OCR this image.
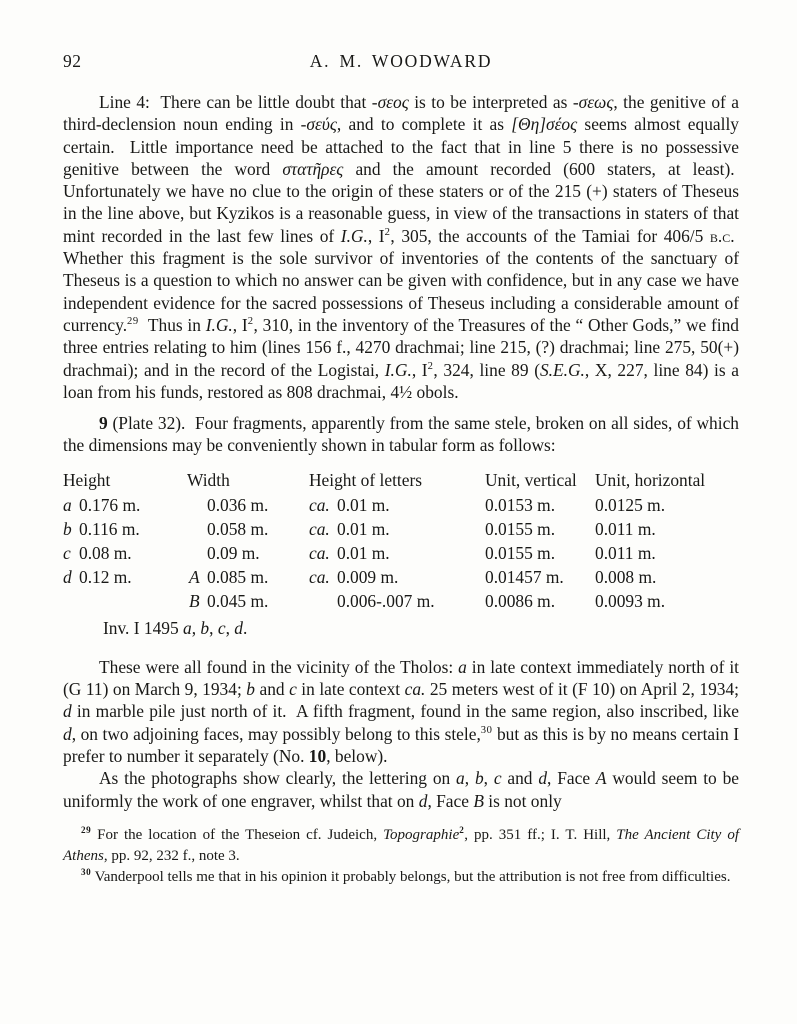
92	A. M. WOODWARD

Line 4:  There can be little doubt that -σεος is to be interpreted as -σεως, the genitive of a third-declension noun ending in -σεύς, and to complete it as [Θη]σέος seems almost equally certain.  Little importance need be attached to the fact that in line 5 there is no possessive genitive between the word στατῆρες and the amount recorded (600 staters, at least).  Unfortunately we have no clue to the origin of these staters or of the 215 (+) staters of Theseus in the line above, but Kyzikos is a reasonable guess, in view of the transactions in staters of that mint recorded in the last few lines of I.G., $I^2$, 305, the accounts of the Tamiai for 406/5 b.c.  Whether this fragment is the sole survivor of inventories of the contents of the sanctuary of Theseus is a question to which no answer can be given with confidence, but in any case we have independent evidence for the sacred possessions of Theseus including a considerable amount of currency.$^{29}$  Thus in I.G., $I^2$, 310, in the inventory of the Treasures of the “ Other Gods,” we find three entries relating to him (lines 156 f., 4270 drachmai; line 215, (?) drachmai; line 275, 50(+) drachmai); and in the record of the Logistai, I.G., $I^2$, 324, line 89 (S.E.G., X, 227, line 84) is a loan from his funds, restored as 808 drachmai, 4½ obols.

9 (Plate 32).  Four fragments, apparently from the same stele, broken on all sides, of which the dimensions may be conveniently shown in tabular form as follows:

Height		Width	Height of letters	Unit, vertical	Unit, horizontal
a	0.176 m.	0.036 m.	ca. 0.01 m.	0.0153 m.	0.0125 m.
b	0.116 m.	0.058 m.	ca. 0.01 m.	0.0155 m.	0.011 m.
c	0.08 m.	0.09 m.	ca. 0.01 m.	0.0155 m.	0.011 m.
d	0.12 m.	A 0.085 m.	ca. 0.009 m.	0.01457 m.	0.008 m.
		B 0.045 m.	0.006-.007 m.	0.0086 m.	0.0093 m.

Inv. I 1495 a, b, c, d.

These were all found in the vicinity of the Tholos: a in late context immediately north of it (G 11) on March 9, 1934; b and c in late context ca. 25 meters west of it (F 10) on April 2, 1934; d in marble pile just north of it.  A fifth fragment, found in the same region, also inscribed, like d, on two adjoining faces, may possibly belong to this stele,$^{30}$ but as this is by no means certain I prefer to number it separately (No. 10, below).

As the photographs show clearly, the lettering on a, b, c and d, Face A would seem to be uniformly the work of one engraver, whilst that on d, Face B is not only

$^{29}$ For the location of the Theseion cf. Judeich, Topographie$^2$, pp. 351 ff.; I. T. Hill, The Ancient City of Athens, pp. 92, 232 f., note 3.

$^{30}$ Vanderpool tells me that in his opinion it probably belongs, but the attribution is not free from difficulties.
